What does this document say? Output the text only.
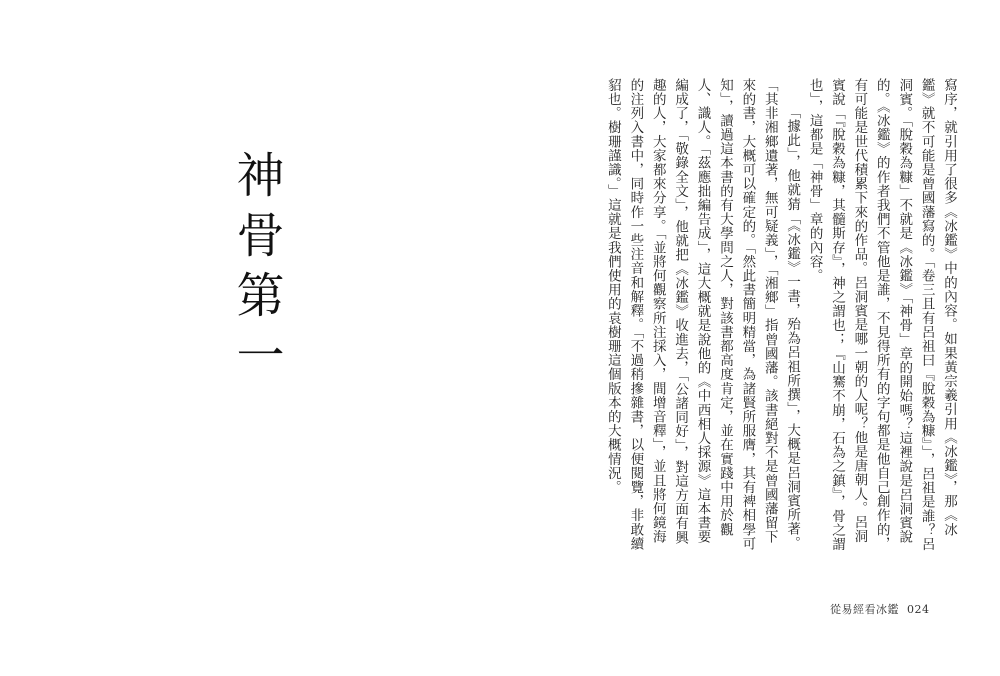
神骨第一	寫序，就引用了很多《冰鑑》中的內容。如果黃宗羲引用《冰鑑》，那《冰鑑》就不可能是曾國藩寫的。「卷三且有呂祖曰『脫穀為糠』」，呂祖是誰？呂洞賓。「脫穀為糠」不就是《冰鑑》「神骨」章的開始嗎？這裡說是呂洞賓說的。《冰鑑》的作者我們不管他是誰，不見得所有的字句都是他自己創作的，有可能是世代積累下來的作品。呂洞賓是哪一朝的人呢？他是唐朝人。呂洞賓說「『脫穀為糠，其髓斯存』，神之謂也；『山騫不崩，石為之鎮』，骨之謂也」，這都是「神骨」章的內容。

「據此」，他就猜「《冰鑑》一書，殆為呂祖所撰」，大概是呂洞賓所著。「其非湘鄉遺著，無可疑義」，「湘鄉」指曾國藩。該書絕對不是曾國藩留下來的書，大概可以確定的。「然此書簡明精當，為諸賢所服膺，其有裨相學可知」，讀過這本書的有大學問之人，對該書都高度肯定，並在實踐中用於觀人、識人。「茲應拙編告成」，這大概就是說他的《中西相人採源》這本書要編成了，「敬錄全文」，他就把《冰鑑》收進去，「公諸同好」，對這方面有興趣的人，大家都來分享。「並將何觀察所注採入，間增音釋」，並且將何鏡海的注列入書中，同時作一些注音和解釋。「不過稍摻雜書，以便閱覽，非敢續貂也。樹珊謹識。」這就是我們使用的袁樹珊這個版本的大概情況。

從易經看冰鑑 024
